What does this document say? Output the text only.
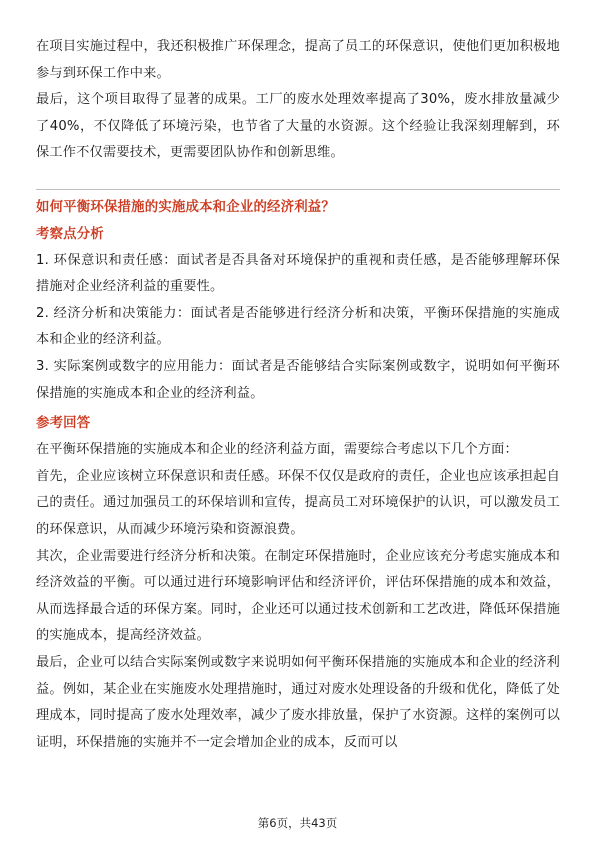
在项目实施过程中，我还积极推广环保理念，提高了员工的环保意识，使他们更加积极地参与到环保工作中来。

最后，这个项目取得了显著的成果。工厂的废水处理效率提高了30%，废水排放量减少了40%，不仅降低了环境污染，也节省了大量的水资源。这个经验让我深刻理解到，环保工作不仅需要技术，更需要团队协作和创新思维。

如何平衡环保措施的实施成本和企业的经济利益？

考察点分析

1. 环保意识和责任感：面试者是否具备对环境保护的重视和责任感，是否能够理解环保措施对企业经济利益的重要性。

2. 经济分析和决策能力：面试者是否能够进行经济分析和决策，平衡环保措施的实施成本和企业的经济利益。

3. 实际案例或数字的应用能力：面试者是否能够结合实际案例或数字，说明如何平衡环保措施的实施成本和企业的经济利益。

参考回答

在平衡环保措施的实施成本和企业的经济利益方面，需要综合考虑以下几个方面：

首先，企业应该树立环保意识和责任感。环保不仅仅是政府的责任，企业也应该承担起自己的责任。通过加强员工的环保培训和宣传，提高员工对环境保护的认识，可以激发员工的环保意识，从而减少环境污染和资源浪费。

其次，企业需要进行经济分析和决策。在制定环保措施时，企业应该充分考虑实施成本和经济效益的平衡。可以通过进行环境影响评估和经济评价，评估环保措施的成本和效益，从而选择最合适的环保方案。同时，企业还可以通过技术创新和工艺改进，降低环保措施的实施成本，提高经济效益。

最后，企业可以结合实际案例或数字来说明如何平衡环保措施的实施成本和企业的经济利益。例如，某企业在实施废水处理措施时，通过对废水处理设备的升级和优化，降低了处理成本，同时提高了废水处理效率，减少了废水排放量，保护了水资源。这样的案例可以证明，环保措施的实施并不一定会增加企业的成本，反而可以

第6页，共43页
